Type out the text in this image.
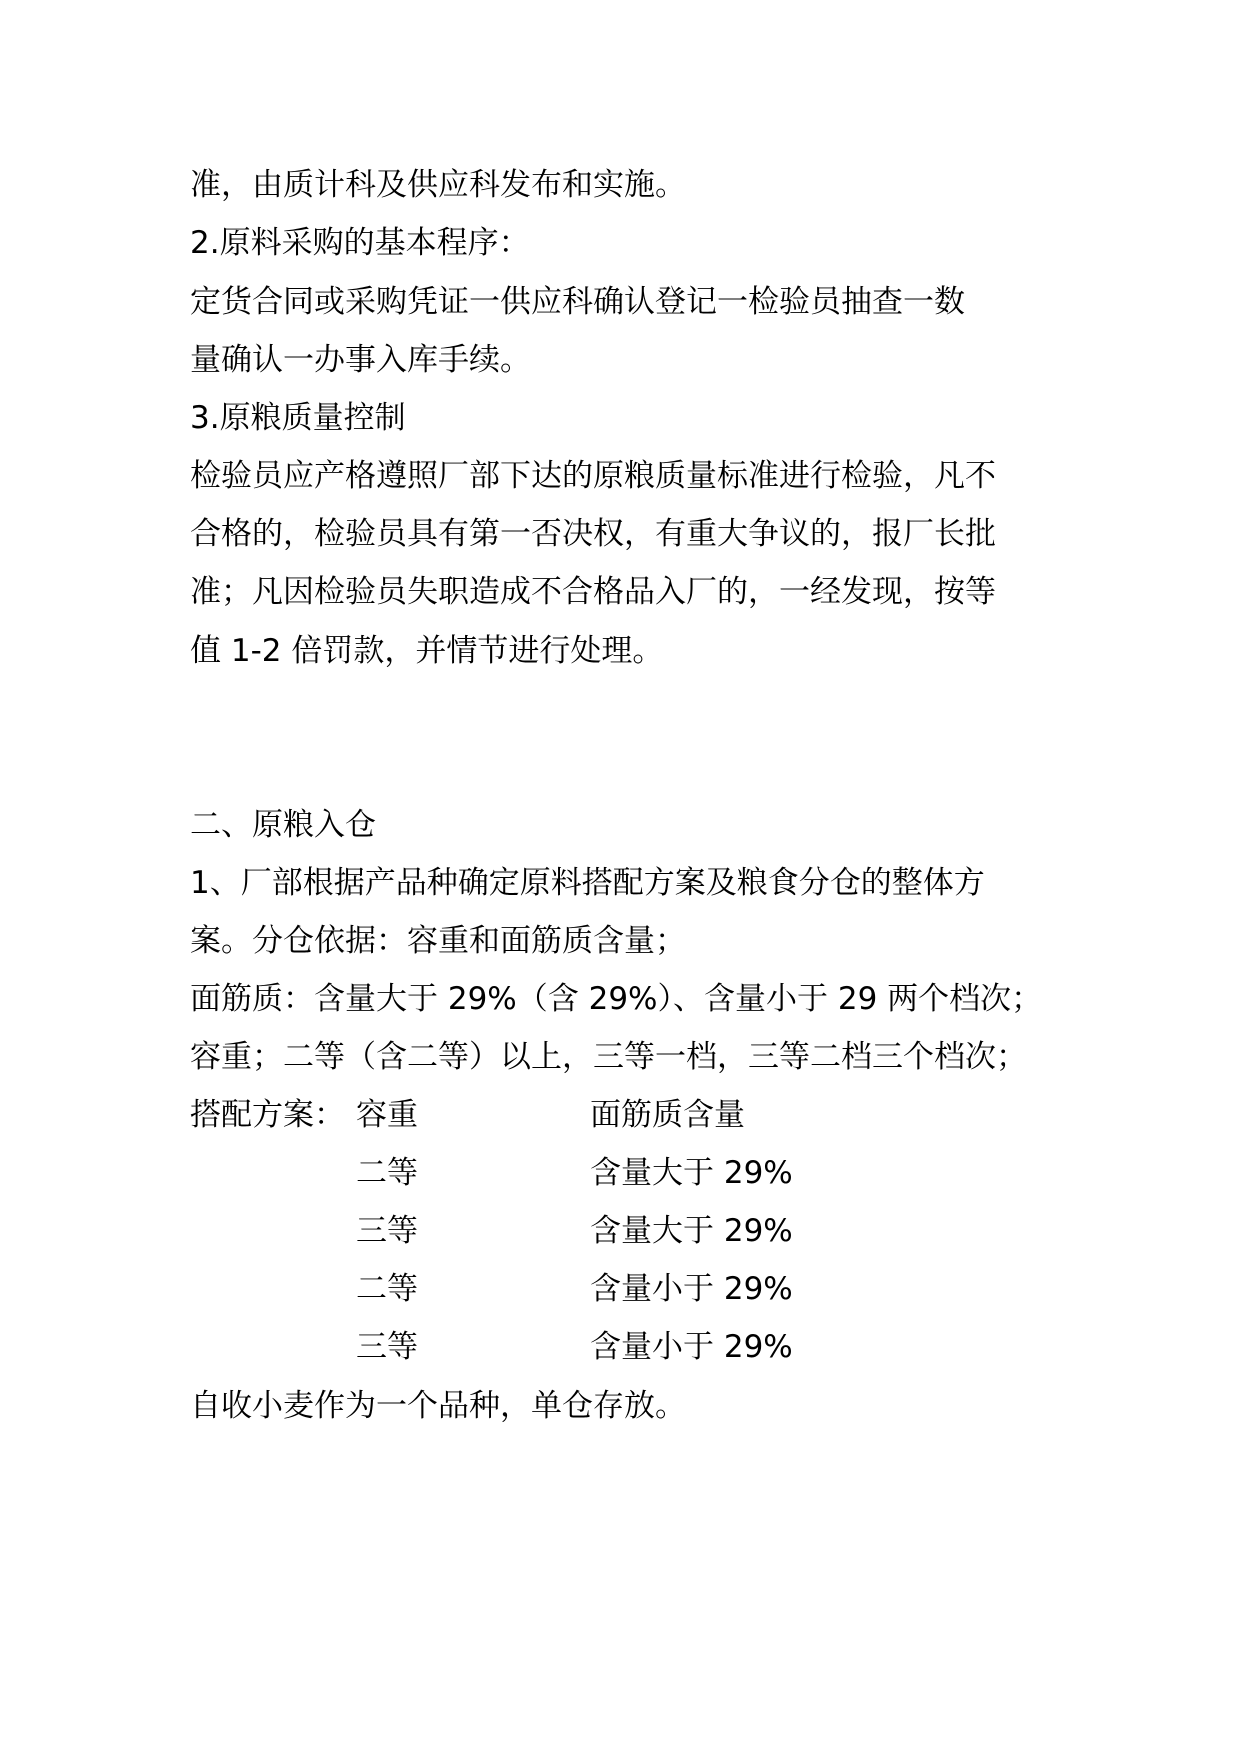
准，由质计科及供应科发布和实施。
2.原料采购的基本程序：
定货合同或采购凭证一供应科确认登记一检验员抽查一数
量确认一办事入库手续。
3.原粮质量控制
检验员应产格遵照厂部下达的原粮质量标准进行检验，凡不
合格的，检验员具有第一否决权，有重大争议的，报厂长批
准；凡因检验员失职造成不合格品入厂的，一经发现，按等
值 1-2 倍罚款，并情节进行处理。
二、原粮入仓
1、厂部根据产品种确定原料搭配方案及粮食分仓的整体方
案。分仓依据：容重和面筋质含量；
面筋质：含量大于 29%（含 29%）、含量小于 29 两个档次；
容重；二等（含二等）以上，三等一档，三等二档三个档次；
搭配方案： 容重	面筋质含量
二等	含量大于 29%
三等	含量大于 29%
二等	含量小于 29%
三等	含量小于 29%
自收小麦作为一个品种，单仓存放。
